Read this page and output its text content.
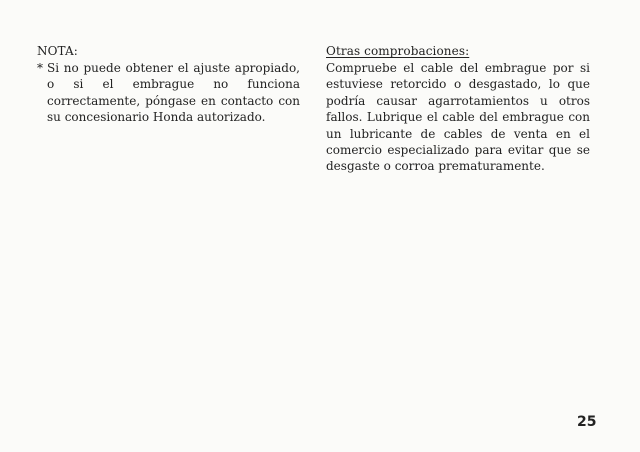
NOTA:
* Si no puede obtener el ajuste apropiado, o si el embrague no funciona correctamente, póngase en contacto con su concesionario Honda autorizado.
Otras comprobaciones:
Compruebe el cable del embrague por si estuviese retorcido o desgastado, lo que podría causar agarrotamientos u otros fallos. Lubrique el cable del embrague con un lubricante de cables de venta en el comercio especializado para evitar que se desgaste o corroa prematuramente.
25
